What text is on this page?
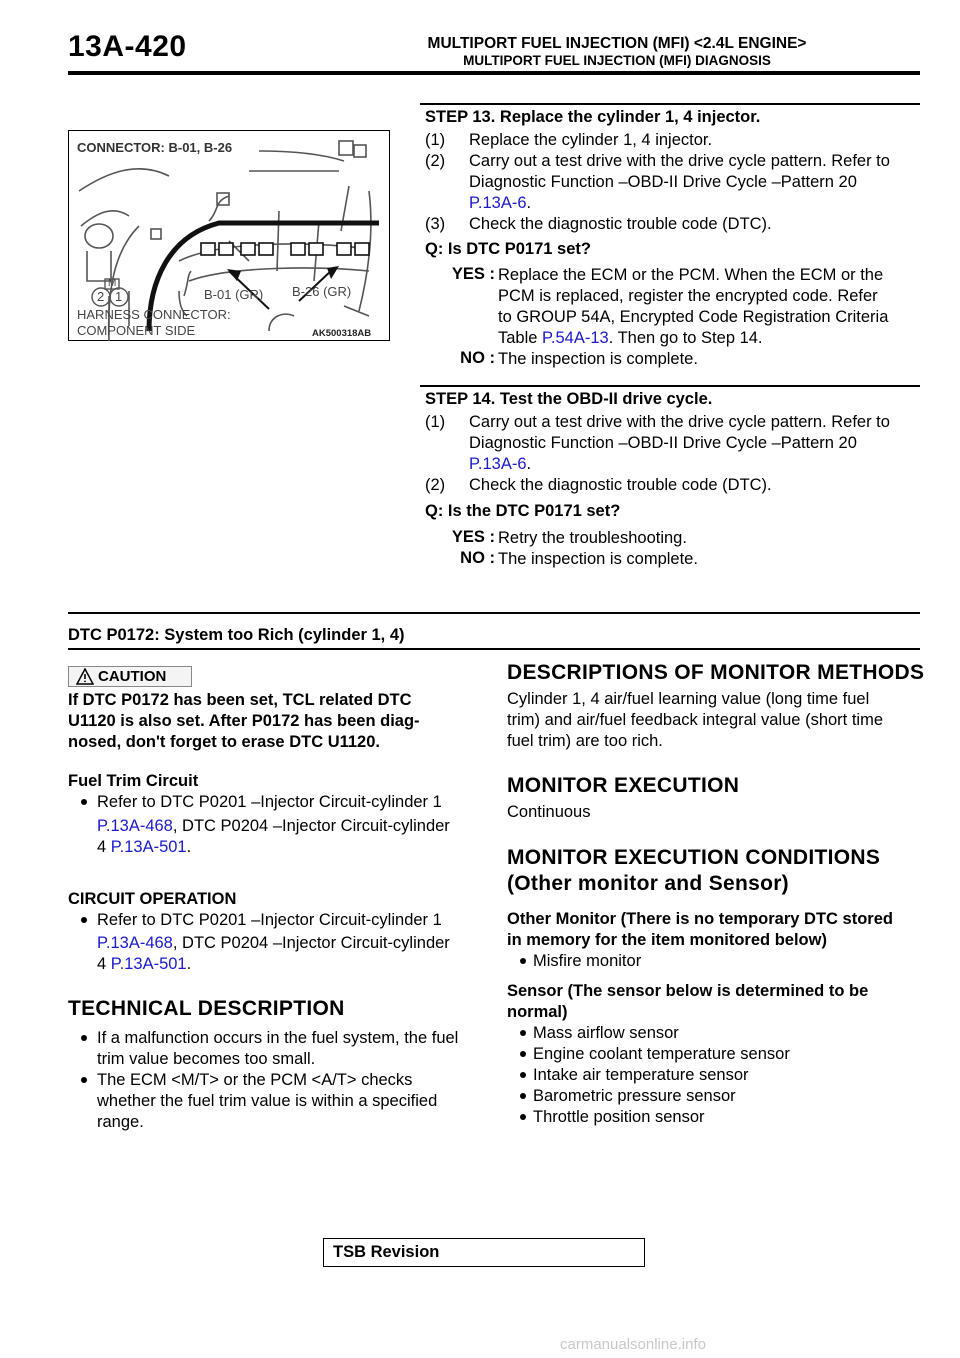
13A-420	MULTIPORT FUEL INJECTION (MFI) <2.4L ENGINE>
MULTIPORT FUEL INJECTION (MFI) DIAGNOSIS
CONNECTOR: B-01, B-26
M
2 1	B-01 (GR) B-26 (GR)
HARNESS CONNECTOR:
COMPONENT SIDE	AK500318AB
STEP 13. Replace the cylinder 1, 4 injector.
(1) Replace the cylinder 1, 4 injector.
(2) Carry out a test drive with the drive cycle pattern. Refer to
Diagnostic Function –OBD-II Drive Cycle –Pattern 20
P.13A-6.
(3) Check the diagnostic trouble code (DTC).
Q: Is DTC P0171 set?
YES : Replace the ECM or the PCM. When the ECM or the
PCM is replaced, register the encrypted code. Refer
to GROUP 54A, Encrypted Code Registration Criteria
Table P.54A-13. Then go to Step 14.
NO : The inspection is complete.
STEP 14. Test the OBD-II drive cycle.
(1) Carry out a test drive with the drive cycle pattern. Refer to
Diagnostic Function –OBD-II Drive Cycle –Pattern 20
P.13A-6.
(2) Check the diagnostic trouble code (DTC).
Q: Is the DTC P0171 set?
YES : Retry the troubleshooting.
NO : The inspection is complete.
DTC P0172: System too Rich (cylinder 1, 4)
CAUTION
If DTC P0172 has been set, TCL related DTC
U1120 is also set. After P0172 has been diag-
nosed, don't forget to erase DTC U1120.
Fuel Trim Circuit
Refer to DTC P0201 –Injector Circuit-cylinder 1
P.13A-468, DTC P0204 –Injector Circuit-cylinder
4 P.13A-501.
CIRCUIT OPERATION
Refer to DTC P0201 –Injector Circuit-cylinder 1
P.13A-468, DTC P0204 –Injector Circuit-cylinder
4 P.13A-501.
TECHNICAL DESCRIPTION
If a malfunction occurs in the fuel system, the fuel
trim value becomes too small.
The ECM <M/T> or the PCM <A/T> checks
whether the fuel trim value is within a specified
range.
DESCRIPTIONS OF MONITOR METHODS
Cylinder 1, 4 air/fuel learning value (long time fuel
trim) and air/fuel feedback integral value (short time
fuel trim) are too rich.
MONITOR EXECUTION
Continuous
MONITOR EXECUTION CONDITIONS
(Other monitor and Sensor)
Other Monitor (There is no temporary DTC stored
in memory for the item monitored below)
Misfire monitor
Sensor (The sensor below is determined to be
normal)
Mass airflow sensor
Engine coolant temperature sensor
Intake air temperature sensor
Barometric pressure sensor
Throttle position sensor
TSB Revision
carmanualsonline.info
